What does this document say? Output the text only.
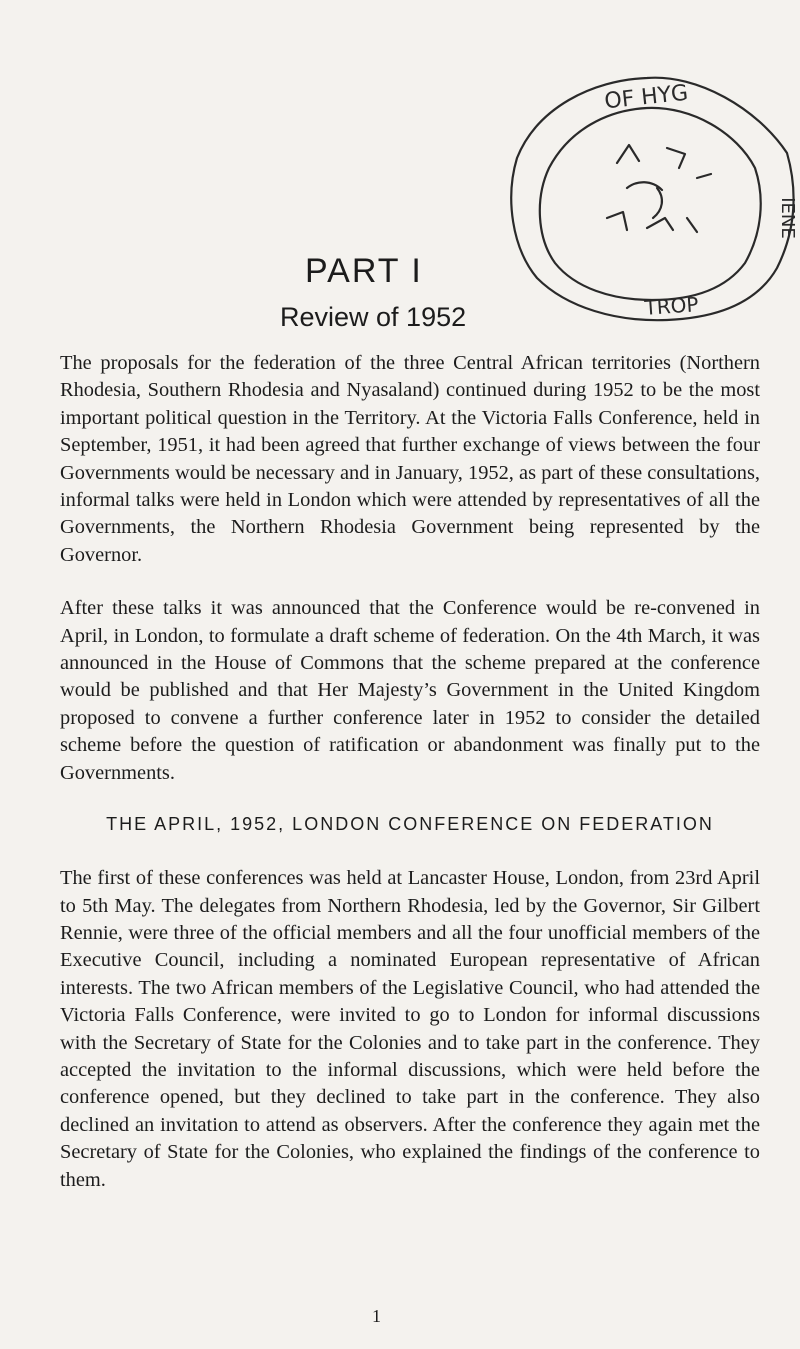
PART I
Review of 1952
OF HYG
IENE
TROP

The proposals for the federation of the three Central African territories (Northern Rhodesia, Southern Rhodesia and Nyasaland) continued during 1952 to be the most important political question in the Territory. At the Victoria Falls Conference, held in September, 1951, it had been agreed that further exchange of views between the four Governments would be necessary and in January, 1952, as part of these consultations, informal talks were held in London which were attended by representatives of all the Governments, the Northern Rhodesia Government being represented by the Governor.

After these talks it was announced that the Conference would be re-convened in April, in London, to formulate a draft scheme of federation. On the 4th March, it was announced in the House of Commons that the scheme prepared at the conference would be published and that Her Majesty’s Government in the United Kingdom proposed to convene a further conference later in 1952 to consider the detailed scheme before the question of ratification or abandonment was finally put to the Governments.

THE APRIL, 1952, LONDON CONFERENCE ON FEDERATION

The first of these conferences was held at Lancaster House, London, from 23rd April to 5th May. The delegates from Northern Rhodesia, led by the Governor, Sir Gilbert Rennie, were three of the official members and all the four unofficial members of the Executive Council, including a nominated European representative of African interests. The two African members of the Legislative Council, who had attended the Victoria Falls Conference, were invited to go to London for informal discussions with the Secretary of State for the Colonies and to take part in the conference. They accepted the invitation to the informal discussions, which were held before the conference opened, but they declined to take part in the conference. They also declined an invitation to attend as observers. After the conference they again met the Secretary of State for the Colonies, who explained the findings of the conference to them.

1
